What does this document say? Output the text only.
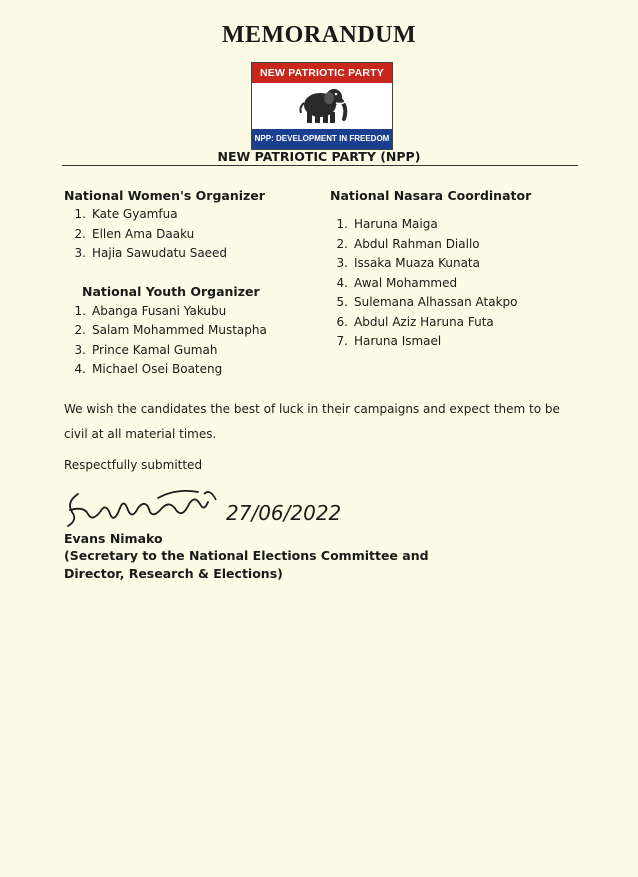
MEMORANDUM
NEW PATRIOTIC PARTY
NPP: DEVELOPMENT IN FREEDOM
NEW PATRIOTIC PARTY (NPP)
National Women's Organizer
1. Kate Gyamfua
2. Ellen Ama Daaku
3. Hajia Sawudatu Saeed
National Youth Organizer
1. Abanga Fusani Yakubu
2. Salam Mohammed Mustapha
3. Prince Kamal Gumah
4. Michael Osei Boateng
National Nasara Coordinator
1. Haruna Maiga
2. Abdul Rahman Diallo
3. Issaka Muaza Kunata
4. Awal Mohammed
5. Sulemana Alhassan Atakpo
6. Abdul Aziz Haruna Futa
7. Haruna Ismael
We wish the candidates the best of luck in their campaigns and expect them to be civil at all material times.
Respectfully submitted
27/06/2022
Evans Nimako
(Secretary to the National Elections Committee and
Director, Research & Elections)
